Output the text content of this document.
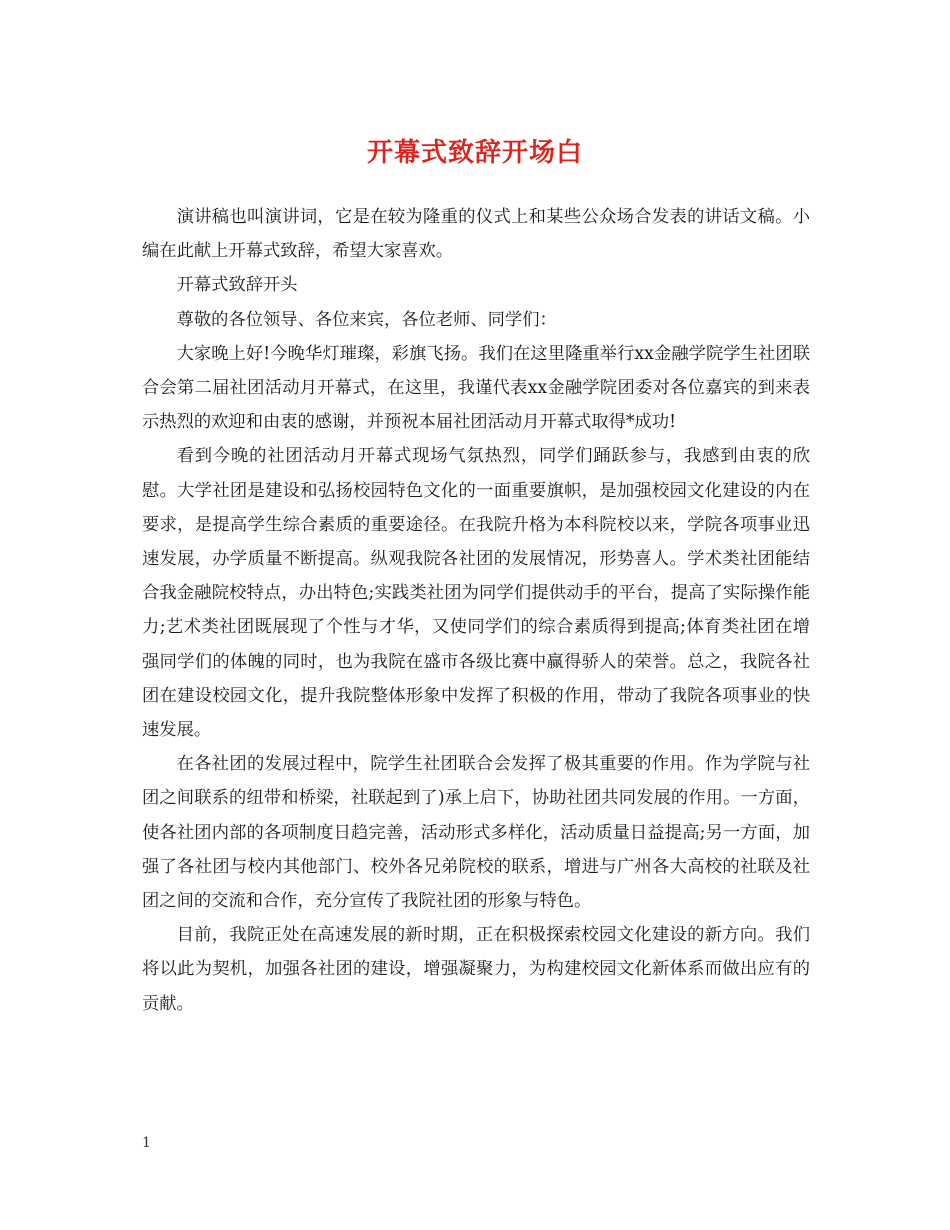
开幕式致辞开场白

演讲稿也叫演讲词，它是在较为隆重的仪式上和某些公众场合发表的讲话文稿。小编在此献上开幕式致辞，希望大家喜欢。

开幕式致辞开头

尊敬的各位领导、各位来宾，各位老师、同学们：

大家晚上好!今晚华灯璀璨，彩旗飞扬。我们在这里隆重举行xx金融学院学生社团联合会第二届社团活动月开幕式，在这里，我谨代表xx金融学院团委对各位嘉宾的到来表示热烈的欢迎和由衷的感谢，并预祝本届社团活动月开幕式取得*成功!

看到今晚的社团活动月开幕式现场气氛热烈，同学们踊跃参与，我感到由衷的欣慰。大学社团是建设和弘扬校园特色文化的一面重要旗帜，是加强校园文化建设的内在要求，是提高学生综合素质的重要途径。在我院升格为本科院校以来，学院各项事业迅速发展，办学质量不断提高。纵观我院各社团的发展情况，形势喜人。学术类社团能结合我金融院校特点，办出特色;实践类社团为同学们提供动手的平台，提高了实际操作能力;艺术类社团既展现了个性与才华，又使同学们的综合素质得到提高;体育类社团在增强同学们的体魄的同时，也为我院在盛市各级比赛中赢得骄人的荣誉。总之，我院各社团在建设校园文化，提升我院整体形象中发挥了积极的作用，带动了我院各项事业的快速发展。

在各社团的发展过程中，院学生社团联合会发挥了极其重要的作用。作为学院与社团之间联系的纽带和桥梁，社联起到了)承上启下，协助社团共同发展的作用。一方面，使各社团内部的各项制度日趋完善，活动形式多样化，活动质量日益提高;另一方面，加强了各社团与校内其他部门、校外各兄弟院校的联系，增进与广州各大高校的社联及社团之间的交流和合作，充分宣传了我院社团的形象与特色。

目前，我院正处在高速发展的新时期，正在积极探索校园文化建设的新方向。我们将以此为契机，加强各社团的建设，增强凝聚力，为构建校园文化新体系而做出应有的贡献。

1
